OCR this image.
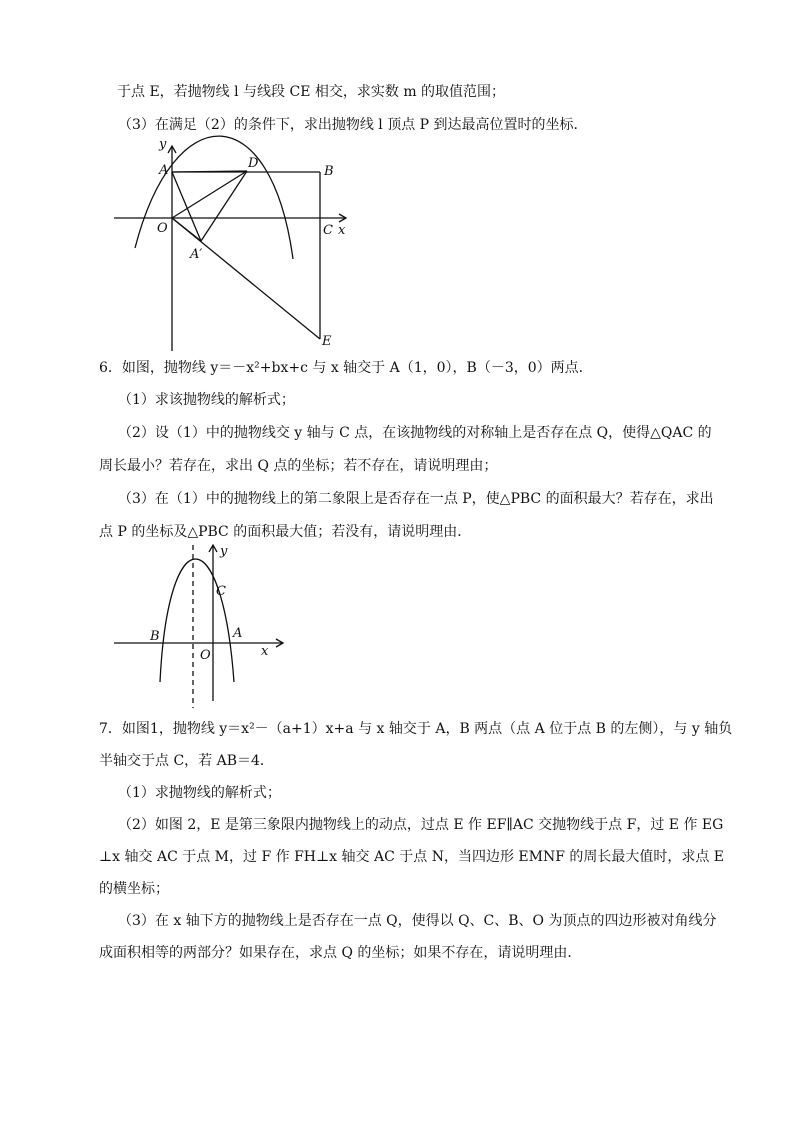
于点 E，若抛物线 l 与线段 CE 相交，求实数 m 的取值范围；
（3）在满足（2）的条件下，求出抛物线 l 顶点 P 到达最高位置时的坐标．
y
A	D
B
O	C x
A′
E
6．如图，抛物线 y＝－x²+bx+c 与 x 轴交于 A（1，0），B（－3，0）两点．
（1）求该抛物线的解析式；
（2）设（1）中的抛物线交 y 轴与 C 点，在该抛物线的对称轴上是否存在点 Q，使得△QAC 的
周长最小？若存在，求出 Q 点的坐标；若不存在，请说明理由；
（3）在（1）中的抛物线上的第二象限上是否存在一点 P，使△PBC 的面积最大？若存在，求出
点 P 的坐标及△PBC 的面积最大值；若没有，请说明理由．
y
C
B	A
O	x
7．如图1，抛物线 y＝x²－（a+1）x+a 与 x 轴交于 A，B 两点（点 A 位于点 B 的左侧），与 y 轴负
半轴交于点 C，若 AB＝4．
（1）求抛物线的解析式；
（2）如图 2，E 是第三象限内抛物线上的动点，过点 E 作 EF∥AC 交抛物线于点 F，过 E 作 EG
⊥x 轴交 AC 于点 M，过 F 作 FH⊥x 轴交 AC 于点 N，当四边形 EMNF 的周长最大值时，求点 E
的横坐标；
（3）在 x 轴下方的抛物线上是否存在一点 Q，使得以 Q、C、B、O 为顶点的四边形被对角线分
成面积相等的两部分？如果存在，求点 Q 的坐标；如果不存在，请说明理由．
